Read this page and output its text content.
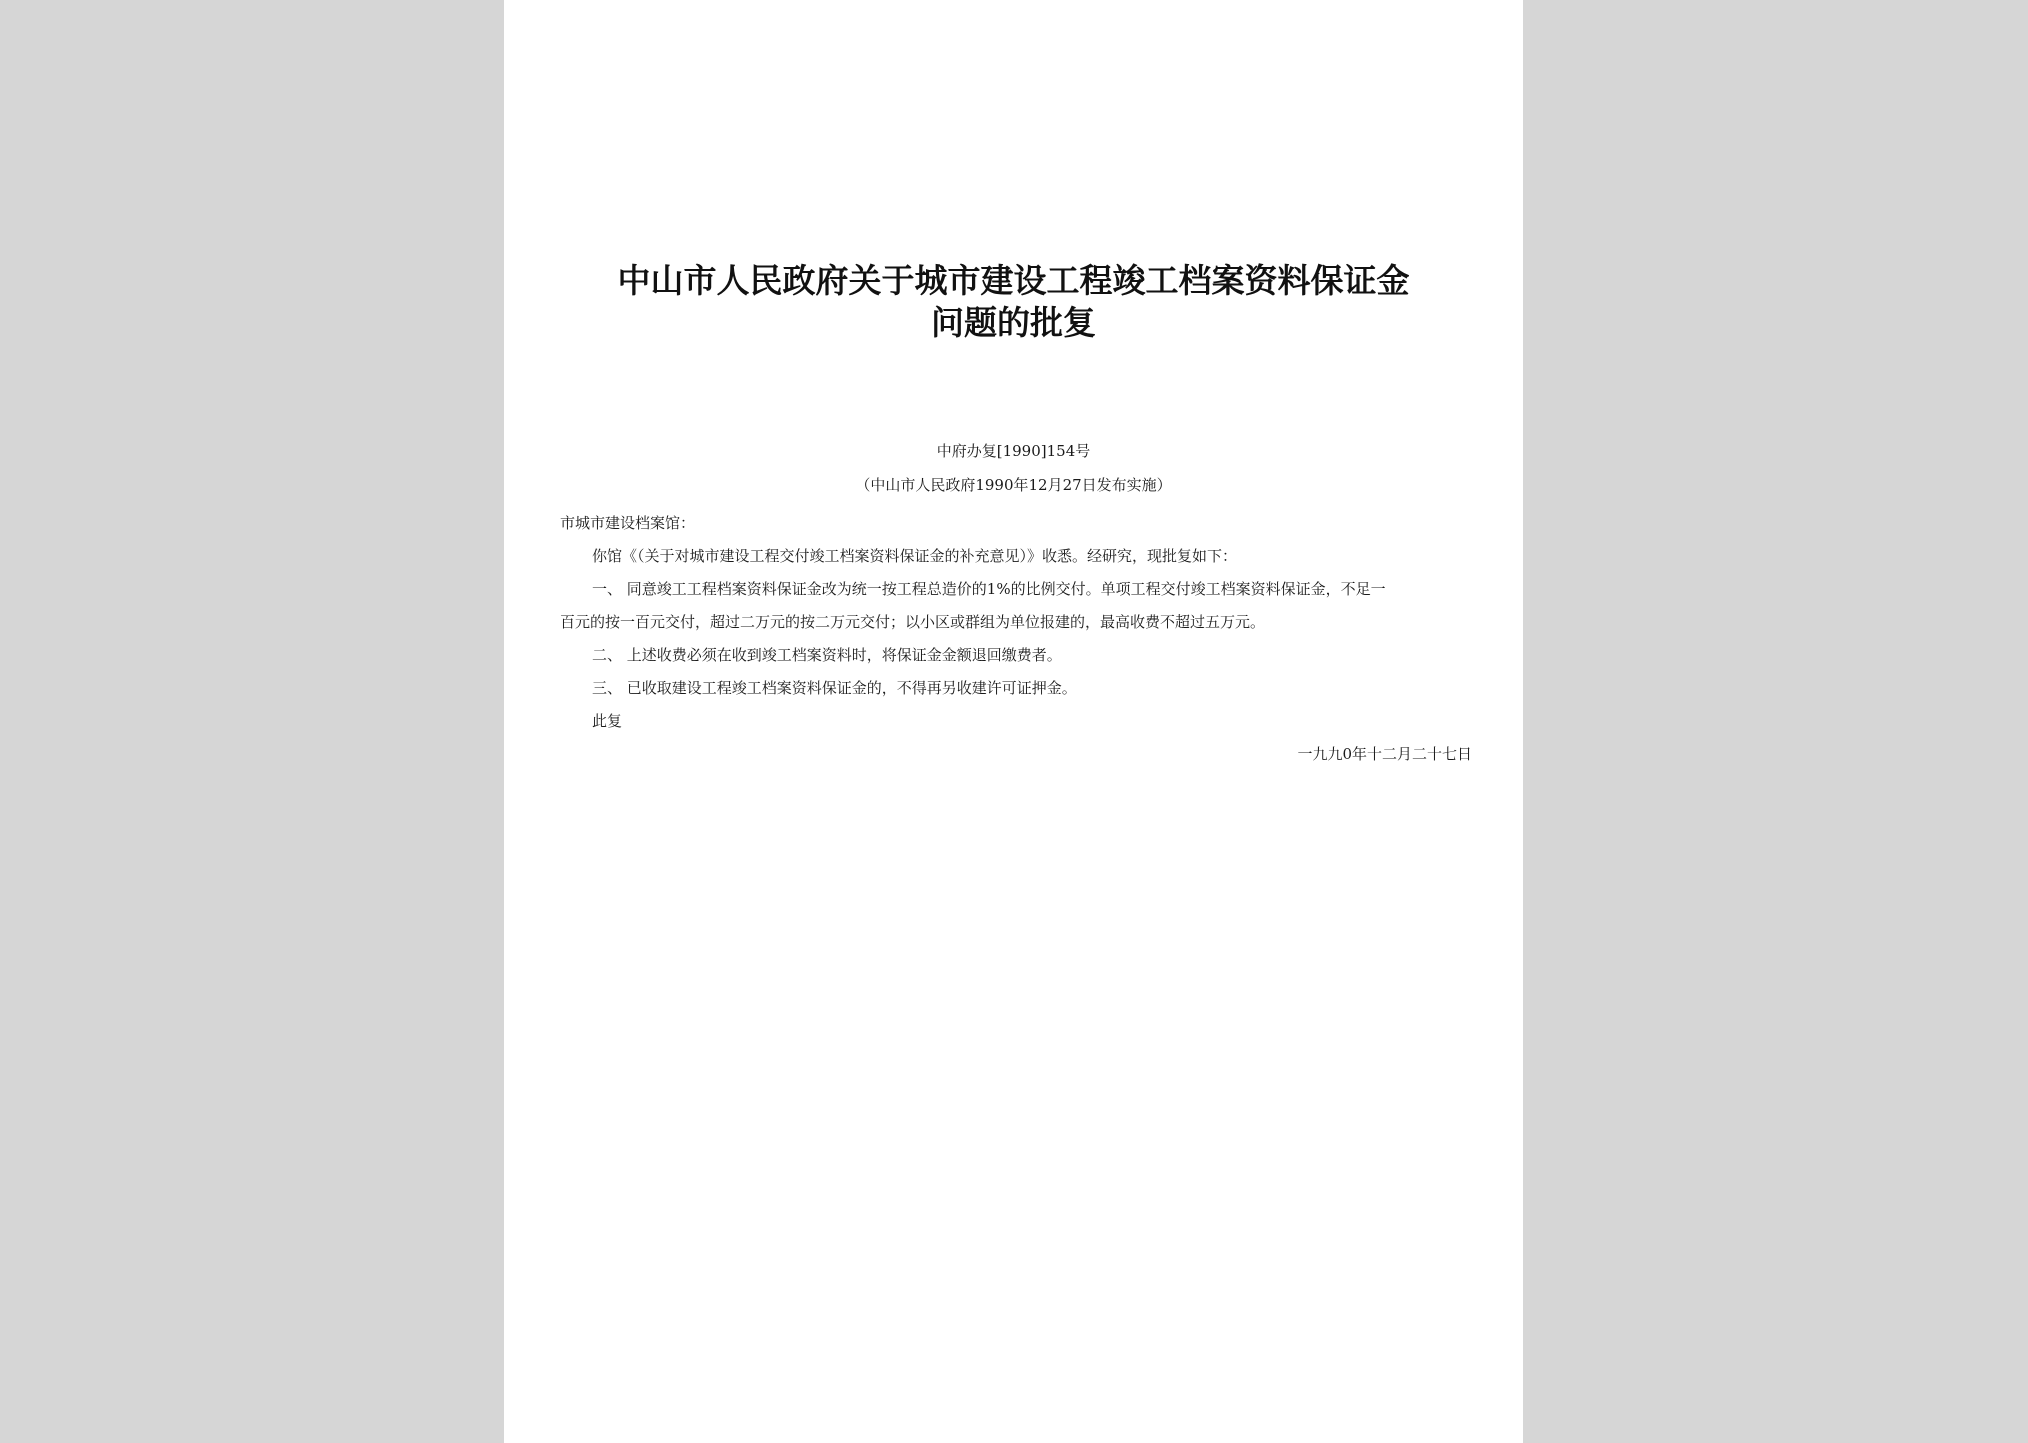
中山市人民政府关于城市建设工程竣工档案资料保证金
问题的批复
中府办复[1990]154号
（中山市人民政府1990年12月27日发布实施）

市城市建设档案馆：

你馆《（关于对城市建设工程交付竣工档案资料保证金的补充意见）》收悉。经研究，现批复如下：

一、 同意竣工工程档案资料保证金改为统一按工程总造价的1%的比例交付。单项工程交付竣工档案资料保证金，不足一

百元的按一百元交付，超过二万元的按二万元交付；以小区或群组为单位报建的，最高收费不超过五万元。

二、 上述收费必须在收到竣工档案资料时，将保证金金额退回缴费者。

三、 已收取建设工程竣工档案资料保证金的，不得再另收建许可证押金。

此复

一九九0年十二月二十七日
